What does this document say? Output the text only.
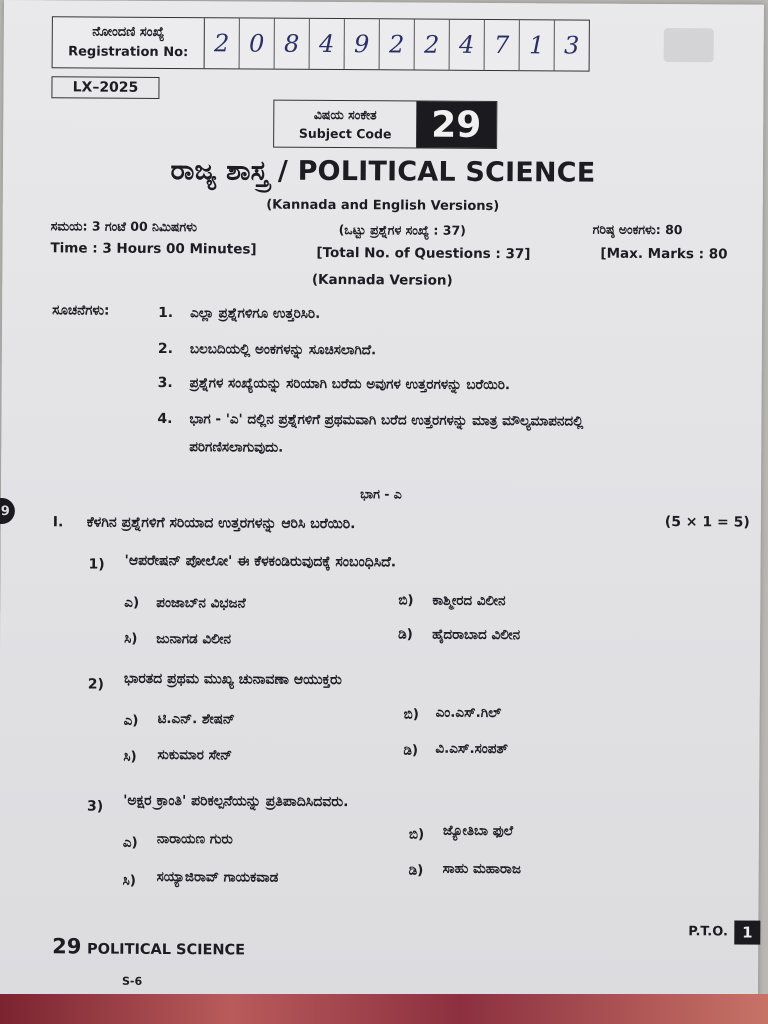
ನೋಂದಣಿ ಸಂಖ್ಯೆ
Registration No:	2 0 8 4 9 2 2 4 7 1 3
LX–2025
ವಿಷಯ ಸಂಕೇತ
Subject Code	29
ರಾಜ್ಯ ಶಾಸ್ತ್ರ / POLITICAL SCIENCE
(Kannada and English Versions)
ಸಮಯ: 3 ಗಂಟೆ 00 ನಿಮಿಷಗಳು
Time : 3 Hours 00 Minutes]
(ಒಟ್ಟು ಪ್ರಶ್ನೆಗಳ ಸಂಖ್ಯೆ : 37)
[Total No. of Questions : 37]
ಗರಿಷ್ಠ ಅಂಕಗಳು: 80
[Max. Marks : 80
(Kannada Version)
ಸೂಚನೆಗಳು:	1. ಎಲ್ಲಾ ಪ್ರಶ್ನೆಗಳಿಗೂ ಉತ್ತರಿಸಿರಿ.
2. ಬಲಬದಿಯಲ್ಲಿ ಅಂಕಗಳನ್ನು ಸೂಚಿಸಲಾಗಿದೆ.
3. ಪ್ರಶ್ನೆಗಳ ಸಂಖ್ಯೆಯನ್ನು ಸರಿಯಾಗಿ ಬರೆದು ಅವುಗಳ ಉತ್ತರಗಳನ್ನು ಬರೆಯಿರಿ.
4. ಭಾಗ - 'ಎ' ದಲ್ಲಿನ ಪ್ರಶ್ನೆಗಳಿಗೆ ಪ್ರಥಮವಾಗಿ ಬರೆದ ಉತ್ತರಗಳನ್ನು ಮಾತ್ರ ಮೌಲ್ಯಮಾಪನದಲ್ಲಿ
ಪರಿಗಣಿಸಲಾಗುವುದು.
ಭಾಗ - ಎ
I. ಕೆಳಗಿನ ಪ್ರಶ್ನೆಗಳಿಗೆ ಸರಿಯಾದ ಉತ್ತರಗಳನ್ನು ಆರಿಸಿ ಬರೆಯಿರಿ.	(5 × 1 = 5)
1) 'ಆಪರೇಷನ್ ಪೋಲೋ' ಈ ಕೆಳಕಂಡಿರುವುದಕ್ಕೆ ಸಂಬಂಧಿಸಿದೆ.
ಎ) ಪಂಜಾಬ್‌ನ ವಿಭಜನೆ	ಬಿ) ಕಾಶ್ಮೀರದ ವಿಲೀನ
ಸಿ) ಜುನಾಗಡ ವಿಲೀನ	ಡಿ) ಹೈದರಾಬಾದ ವಿಲೀನ
2) ಭಾರತದ ಪ್ರಥಮ ಮುಖ್ಯ ಚುನಾವಣಾ ಆಯುಕ್ತರು
ಎ) ಟಿ.ಎನ್. ಶೇಷನ್	ಬಿ) ಎಂ.ಎಸ್.ಗಿಲ್
ಸಿ) ಸುಕುಮಾರ ಸೇನ್	ಡಿ) ವಿ.ಎಸ್.ಸಂಪತ್
3) 'ಅಕ್ಷರ ಕ್ರಾಂತಿ' ಪರಿಕಲ್ಪನೆಯನ್ನು ಪ್ರತಿಪಾದಿಸಿದವರು.
ಎ) ನಾರಾಯಣ ಗುರು	ಬಿ) ಜ್ಯೋತಿಬಾ ಫುಲೆ
ಸಿ) ಸಯ್ಯಾಜಿರಾವ್ ಗಾಯಕವಾಡ	ಡಿ) ಸಾಹು ಮಹಾರಾಜ
29 POLITICAL SCIENCE
P.T.O. 1
S-6
9
